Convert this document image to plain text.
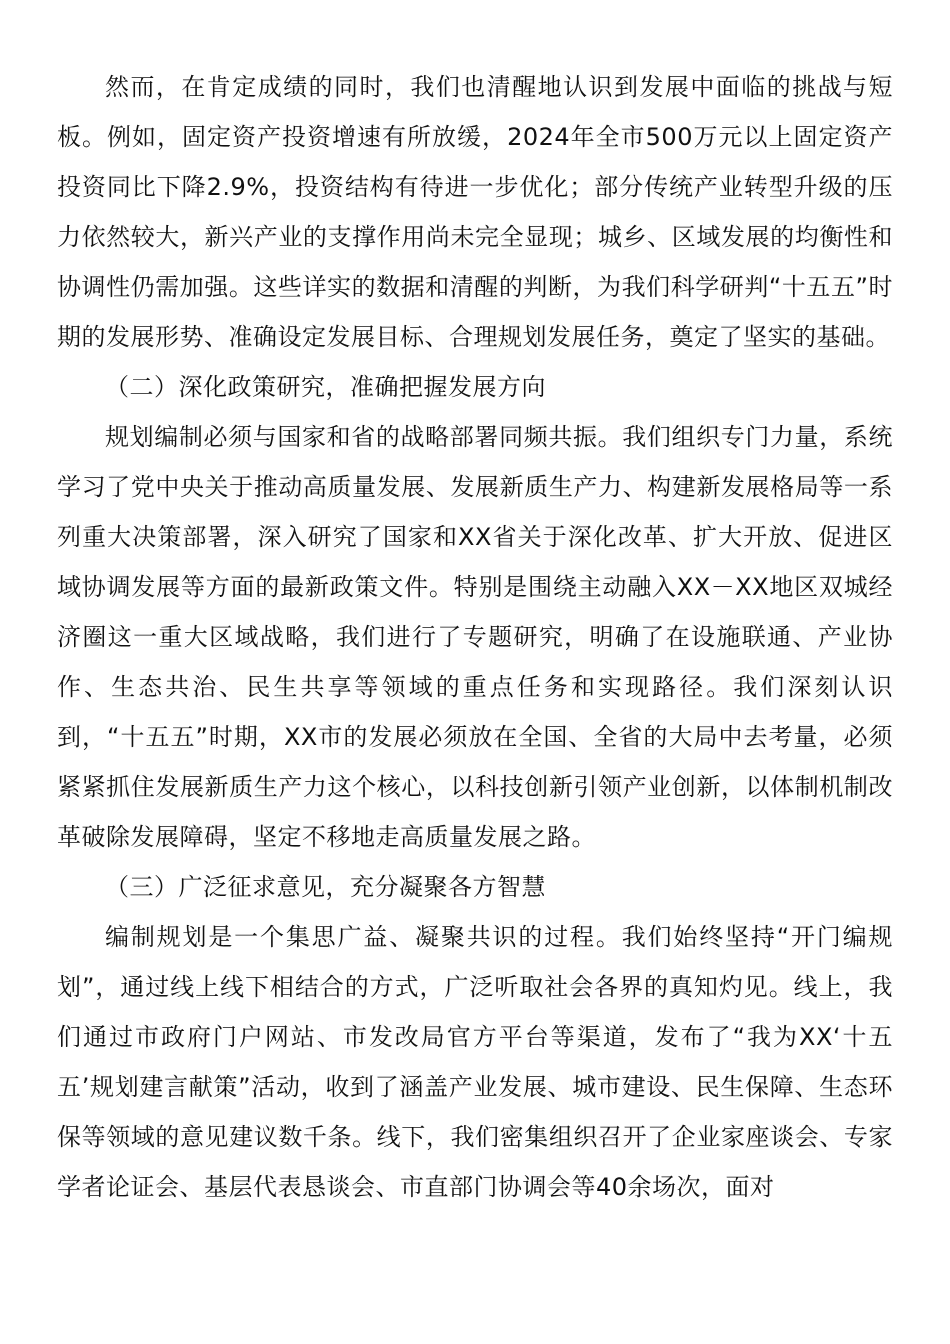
然而，在肯定成绩的同时，我们也清醒地认识到发展中面临的挑战与短板。例如，固定资产投资增速有所放缓，2024年全市500万元以上固定资产投资同比下降2.9%，投资结构有待进一步优化；部分传统产业转型升级的压力依然较大，新兴产业的支撑作用尚未完全显现；城乡、区域发展的均衡性和协调性仍需加强。这些详实的数据和清醒的判断，为我们科学研判“十五五”时期的发展形势、准确设定发展目标、合理规划发展任务，奠定了坚实的基础。

（二）深化政策研究，准确把握发展方向

规划编制必须与国家和省的战略部署同频共振。我们组织专门力量，系统学习了党中央关于推动高质量发展、发展新质生产力、构建新发展格局等一系列重大决策部署，深入研究了国家和XX省关于深化改革、扩大开放、促进区域协调发展等方面的最新政策文件。特别是围绕主动融入XX－XX地区双城经济圈这一重大区域战略，我们进行了专题研究，明确了在设施联通、产业协作、生态共治、民生共享等领域的重点任务和实现路径。我们深刻认识到，“十五五”时期，XX市的发展必须放在全国、全省的大局中去考量，必须紧紧抓住发展新质生产力这个核心，以科技创新引领产业创新，以体制机制改革破除发展障碍，坚定不移地走高质量发展之路。

（三）广泛征求意见，充分凝聚各方智慧

编制规划是一个集思广益、凝聚共识的过程。我们始终坚持“开门编规划”，通过线上线下相结合的方式，广泛听取社会各界的真知灼见。线上，我们通过市政府门户网站、市发改局官方平台等渠道，发布了“我为XX‘十五五’规划建言献策”活动，收到了涵盖产业发展、城市建设、民生保障、生态环保等领域的意见建议数千条。线下，我们密集组织召开了企业家座谈会、专家学者论证会、基层代表恳谈会、市直部门协调会等40余场次，面对
